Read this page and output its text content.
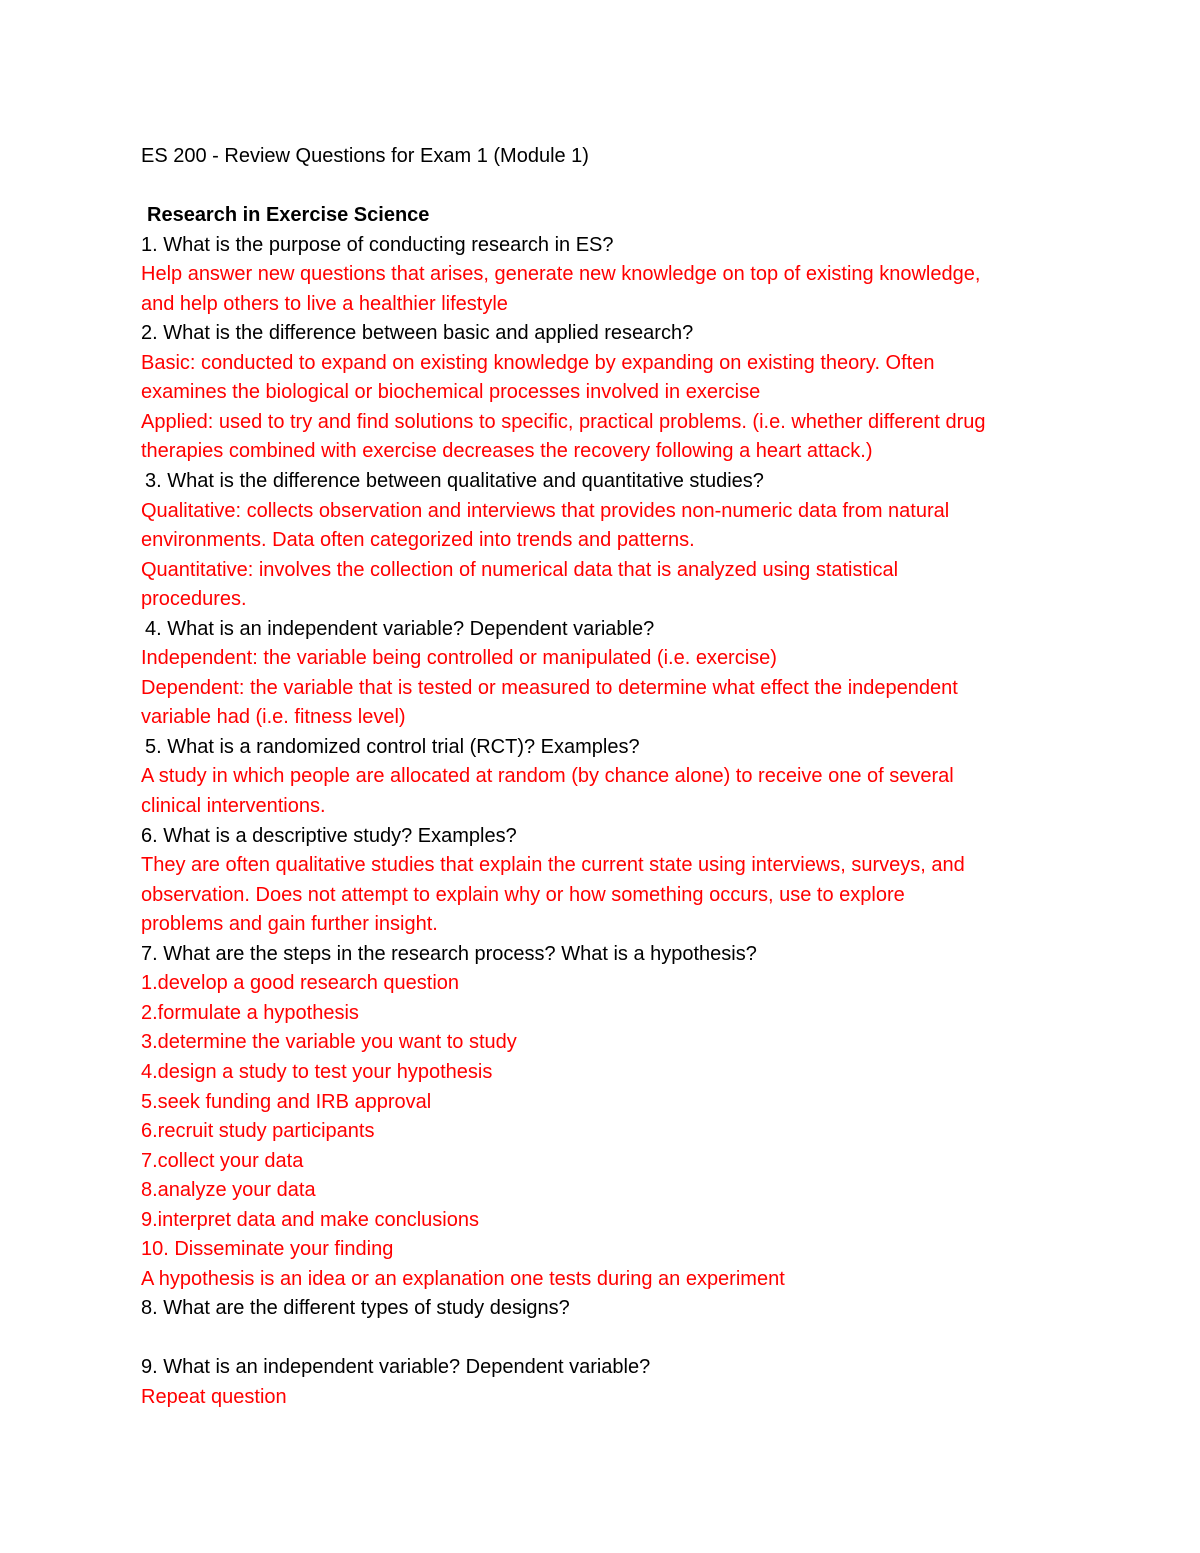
ES 200 - Review Questions for Exam 1 (Module 1)
Research in Exercise Science
1. What is the purpose of conducting research in ES?
Help answer new questions that arises, generate new knowledge on top of existing knowledge,
and help others to live a healthier lifestyle
2. What is the difference between basic and applied research?
Basic: conducted to expand on existing knowledge by expanding on existing theory. Often
examines the biological or biochemical processes involved in exercise
Applied: used to try and find solutions to specific, practical problems. (i.e. whether different drug
therapies combined with exercise decreases the recovery following a heart attack.)
3. What is the difference between qualitative and quantitative studies?
Qualitative: collects observation and interviews that provides non-numeric data from natural
environments. Data often categorized into trends and patterns.
Quantitative: involves the collection of numerical data that is analyzed using statistical
procedures.
4. What is an independent variable? Dependent variable?
Independent: the variable being controlled or manipulated (i.e. exercise)
Dependent: the variable that is tested or measured to determine what effect the independent
variable had (i.e. fitness level)
5. What is a randomized control trial (RCT)? Examples?
A study in which people are allocated at random (by chance alone) to receive one of several
clinical interventions.
6. What is a descriptive study? Examples?
They are often qualitative studies that explain the current state using interviews, surveys, and
observation. Does not attempt to explain why or how something occurs, use to explore
problems and gain further insight.
7. What are the steps in the research process? What is a hypothesis?
1.develop a good research question
2.formulate a hypothesis
3.determine the variable you want to study
4.design a study to test your hypothesis
5.seek funding and IRB approval
6.recruit study participants
7.collect your data
8.analyze your data
9.interpret data and make conclusions
10. Disseminate your finding
A hypothesis is an idea or an explanation one tests during an experiment
8. What are the different types of study designs?
9. What is an independent variable? Dependent variable?
Repeat question
